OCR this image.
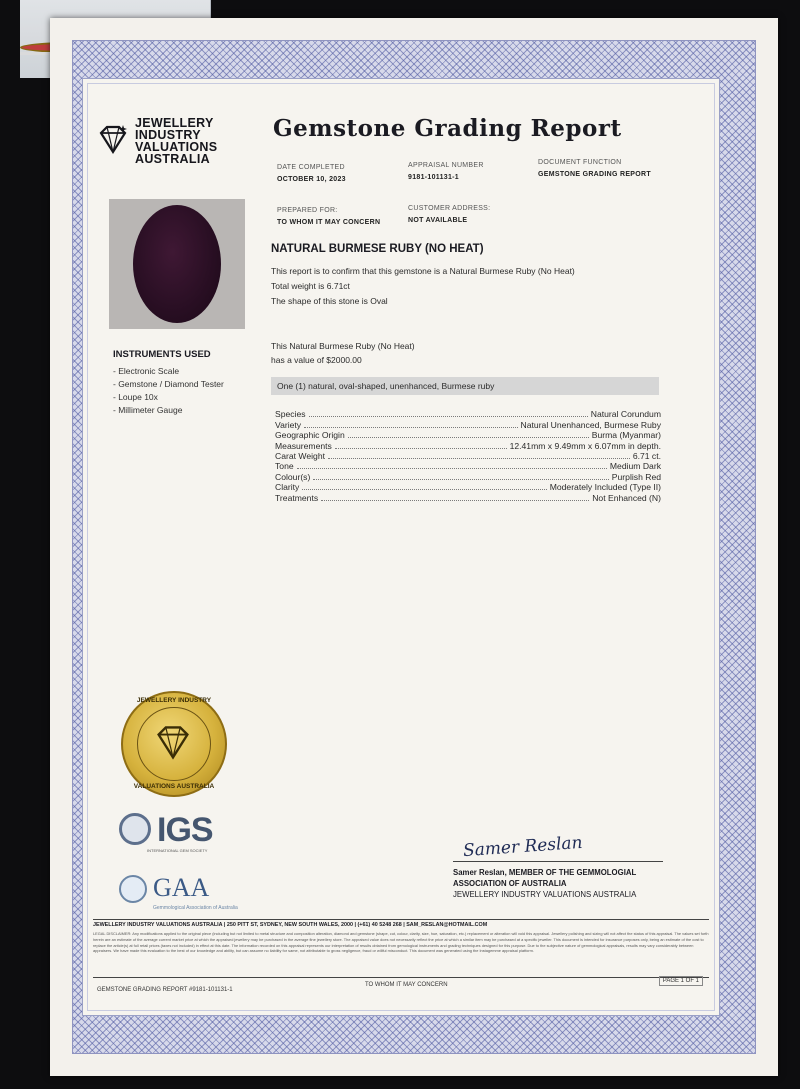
JEWELLERY
INDUSTRY
VALUATIONS
AUSTRALIA
Gemstone Grading Report
DATE COMPLETED
OCTOBER 10, 2023
APPRAISAL NUMBER
9181-101131-1
DOCUMENT FUNCTION
GEMSTONE GRADING REPORT
PREPARED FOR:
TO WHOM IT MAY CONCERN
CUSTOMER ADDRESS:
NOT AVAILABLE
INSTRUMENTS USED
- Electronic Scale
- Gemstone / Diamond Tester
- Loupe 10x
- Millimeter Gauge
NATURAL BURMESE RUBY (NO HEAT)
This report is to confirm that this gemstone is a Natural Burmese Ruby (No Heat)
Total weight is 6.71ct
The shape of this stone is Oval
This Natural Burmese Ruby (No Heat)
has a value of $2000.00
One (1) natural, oval-shaped, unenhanced, Burmese ruby
Species	Natural Corundum
Variety	Natural Unenhanced, Burmese Ruby
Geographic Origin	Burma (Myanmar)
Measurements	12.41mm x 9.49mm x 6.07mm in depth.
Carat Weight	6.71 ct.
Tone	Medium Dark
Colour(s)	Purplish Red
Clarity	Moderately Included (Type II)
Treatments	Not Enhanced (N)
JEWELLERY INDUSTRY
VALUATIONS AUSTRALIA
IGS
INTERNATIONAL GEM SOCIETY
GAA
Gemmological Association of Australia
Samer Reslan
Samer Reslan, MEMBER OF THE GEMMOLOGIAL
ASSOCIATION OF AUSTRALIA
JEWELLERY INDUSTRY VALUATIONS AUSTRALIA
JEWELLERY INDUSTRY VALUATIONS AUSTRALIA | 250 PITT ST, SYDNEY, NEW SOUTH WALES, 2000 | (+61) 40 5248 268 | SAM_RESLAN@HOTMAIL.COM
LEGAL DISCLAIMER: Any modifications applied to the original piece (including but not limited to metal structure and composition alteration, diamond and gemstone (shape, cut, colour, clarity, size, hue, saturation, etc.) replacement or alteration will void this appraisal. Jewellery polishing and sizing will not affect the status of this appraisal. The values set forth herein are an estimate of the average current market price at which the appraised jewellery may be purchased in the average fine jewellery store. The appraised value does not necessarily reflect the price at which a similar item may be purchased at a specific jeweller. This document is intended for insurance purposes only, being an estimate of the cost to replace the article(s) at full retail prices (taxes not included) in effect at this date. The information recorded on this appraisal represents our interpretation of results obtained from gemological instruments and grading techniques designed for this purpose. Due to the subjective nature of gemmological appraisals, results may vary considerably between appraisers. We have made this evaluation to the best of our knowledge and ability, but can assume no liability for same, not attributable to gross negligence, fraud or willful misconduct. This document was generated using the Instagemme appraisal platform.
GEMSTONE GRADING REPORT #9181-101131-1
TO WHOM IT MAY CONCERN
PAGE 1 OF 1
